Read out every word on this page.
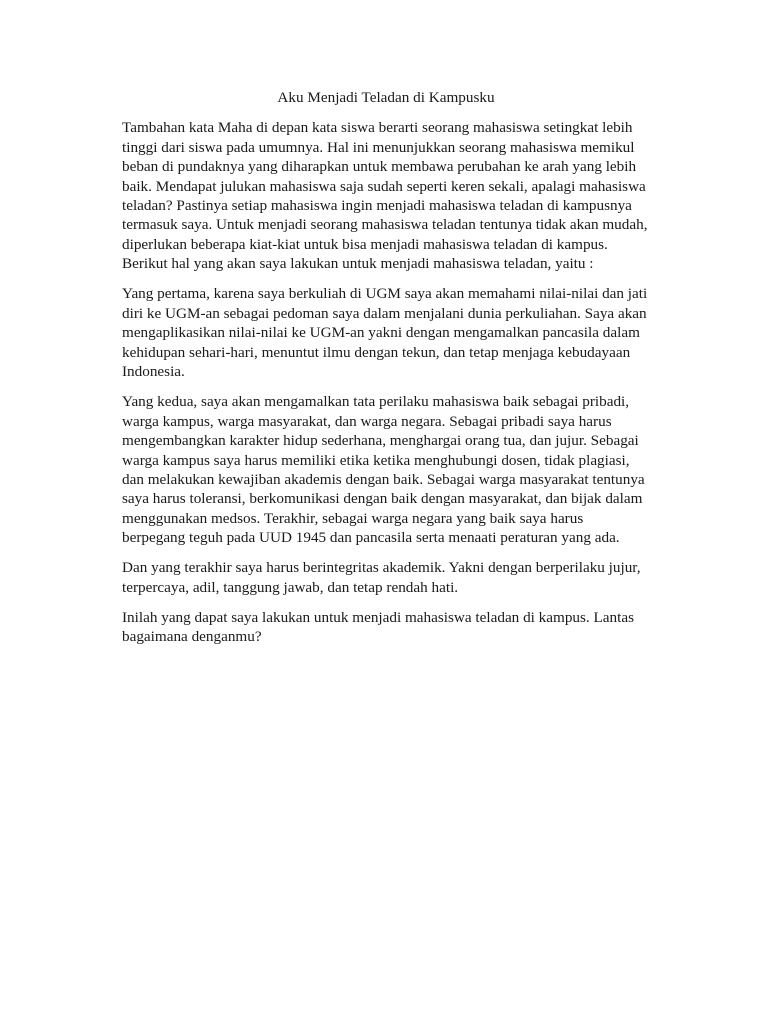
Aku Menjadi Teladan di Kampusku

Tambahan kata Maha di depan kata siswa berarti seorang mahasiswa setingkat lebih tinggi dari siswa pada umumnya. Hal ini menunjukkan seorang mahasiswa memikul beban di pundaknya yang diharapkan untuk membawa perubahan ke arah yang lebih baik. Mendapat julukan mahasiswa saja sudah seperti keren sekali, apalagi mahasiswa teladan? Pastinya setiap mahasiswa ingin menjadi mahasiswa teladan di kampusnya termasuk saya. Untuk menjadi seorang mahasiswa teladan tentunya tidak akan mudah, diperlukan beberapa kiat-kiat untuk bisa menjadi mahasiswa teladan di kampus. Berikut hal yang akan saya lakukan untuk menjadi mahasiswa teladan, yaitu :

Yang pertama, karena saya berkuliah di UGM saya akan memahami nilai-nilai dan jati diri ke UGM-an sebagai pedoman saya dalam menjalani dunia perkuliahan. Saya akan mengaplikasikan nilai-nilai ke UGM-an yakni dengan mengamalkan pancasila dalam kehidupan sehari-hari, menuntut ilmu dengan tekun, dan tetap menjaga kebudayaan Indonesia.

Yang kedua, saya akan mengamalkan tata perilaku mahasiswa baik sebagai pribadi, warga kampus, warga masyarakat, dan warga negara. Sebagai pribadi saya harus mengembangkan karakter hidup sederhana, menghargai orang tua, dan jujur. Sebagai warga kampus saya harus memiliki etika ketika menghubungi dosen, tidak plagiasi, dan melakukan kewajiban akademis dengan baik. Sebagai warga masyarakat tentunya saya harus toleransi, berkomunikasi dengan baik dengan masyarakat, dan bijak dalam menggunakan medsos. Terakhir, sebagai warga negara yang baik saya harus berpegang teguh pada UUD 1945 dan pancasila serta menaati peraturan yang ada.

Dan yang terakhir saya harus berintegritas akademik. Yakni dengan berperilaku jujur, terpercaya, adil, tanggung jawab, dan tetap rendah hati.

Inilah yang dapat saya lakukan untuk menjadi mahasiswa teladan di kampus. Lantas bagaimana denganmu?
